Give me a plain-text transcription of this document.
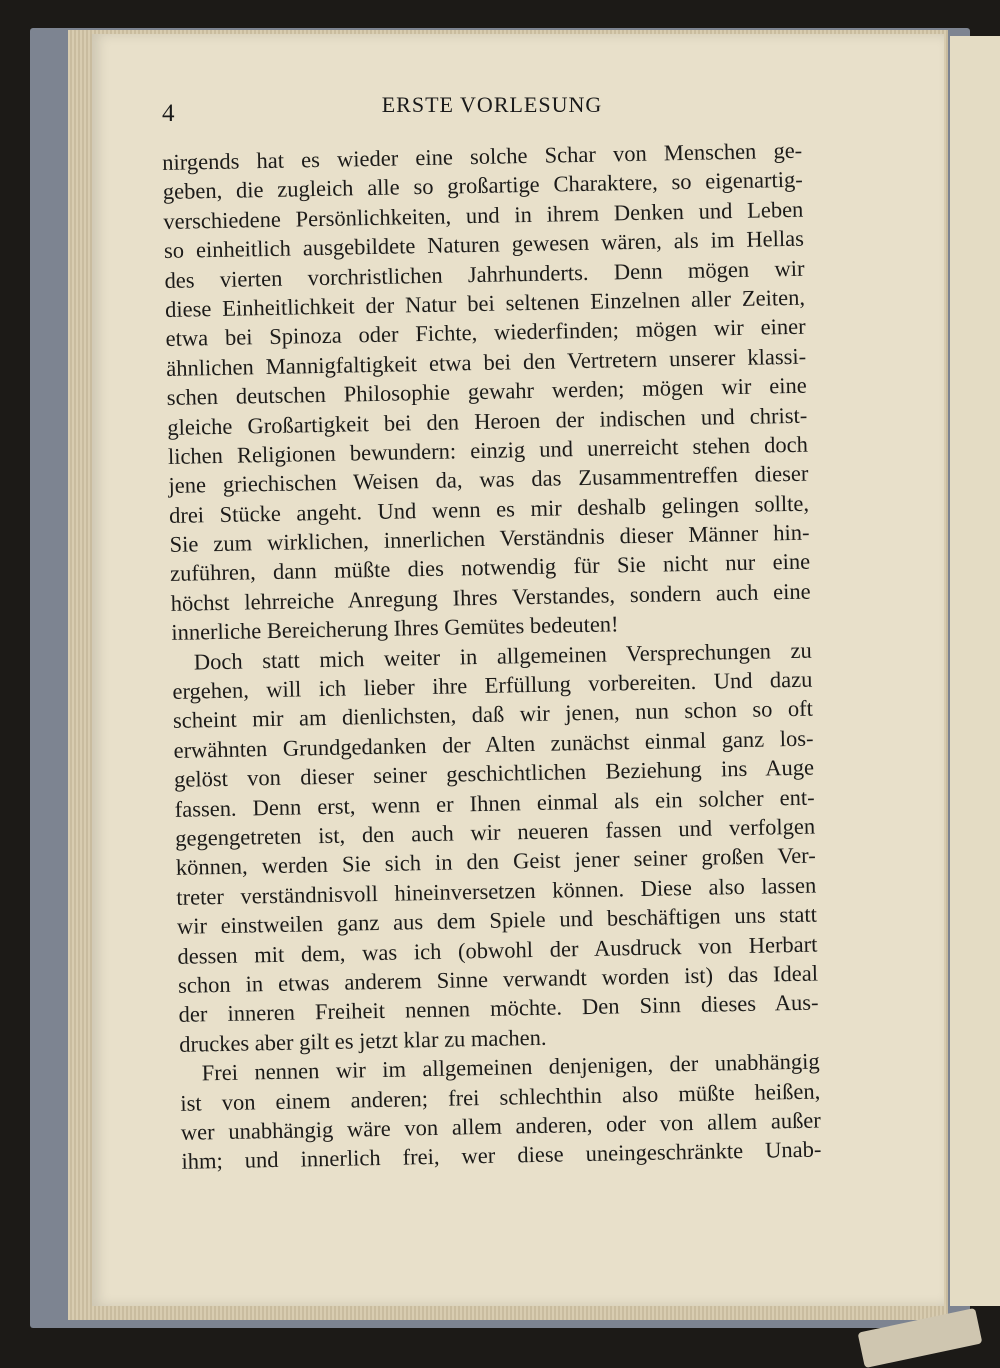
4	ERSTE VORLESUNG
nirgends hat es wieder eine solche Schar von Menschen ge-
geben, die zugleich alle so großartige Charaktere, so eigenartig-
verschiedene Persönlichkeiten, und in ihrem Denken und Leben
so einheitlich ausgebildete Naturen gewesen wären, als im Hellas
des vierten vorchristlichen Jahrhunderts. Denn mögen wir
diese Einheitlichkeit der Natur bei seltenen Einzelnen aller Zeiten,
etwa bei Spinoza oder Fichte, wiederfinden; mögen wir einer
ähnlichen Mannigfaltigkeit etwa bei den Vertretern unserer klassi-
schen deutschen Philosophie gewahr werden; mögen wir eine
gleiche Großartigkeit bei den Heroen der indischen und christ-
lichen Religionen bewundern: einzig und unerreicht stehen doch
jene griechischen Weisen da, was das Zusammentreffen dieser
drei Stücke angeht. Und wenn es mir deshalb gelingen sollte,
Sie zum wirklichen, innerlichen Verständnis dieser Männer hin-
zuführen, dann müßte dies notwendig für Sie nicht nur eine
höchst lehrreiche Anregung Ihres Verstandes, sondern auch eine
innerliche Bereicherung Ihres Gemütes bedeuten!
Doch statt mich weiter in allgemeinen Versprechungen zu
ergehen, will ich lieber ihre Erfüllung vorbereiten. Und dazu
scheint mir am dienlichsten, daß wir jenen, nun schon so oft
erwähnten Grundgedanken der Alten zunächst einmal ganz los-
gelöst von dieser seiner geschichtlichen Beziehung ins Auge
fassen. Denn erst, wenn er Ihnen einmal als ein solcher ent-
gegengetreten ist, den auch wir neueren fassen und verfolgen
können, werden Sie sich in den Geist jener seiner großen Ver-
treter verständnisvoll hineinversetzen können. Diese also lassen
wir einstweilen ganz aus dem Spiele und beschäftigen uns statt
dessen mit dem, was ich (obwohl der Ausdruck von Herbart
schon in etwas anderem Sinne verwandt worden ist) das Ideal
der inneren Freiheit nennen möchte. Den Sinn dieses Aus-
druckes aber gilt es jetzt klar zu machen.
Frei nennen wir im allgemeinen denjenigen, der unabhängig
ist von einem anderen; frei schlechthin also müßte heißen,
wer unabhängig wäre von allem anderen, oder von allem außer
ihm; und innerlich frei, wer diese uneingeschränkte Unab-
